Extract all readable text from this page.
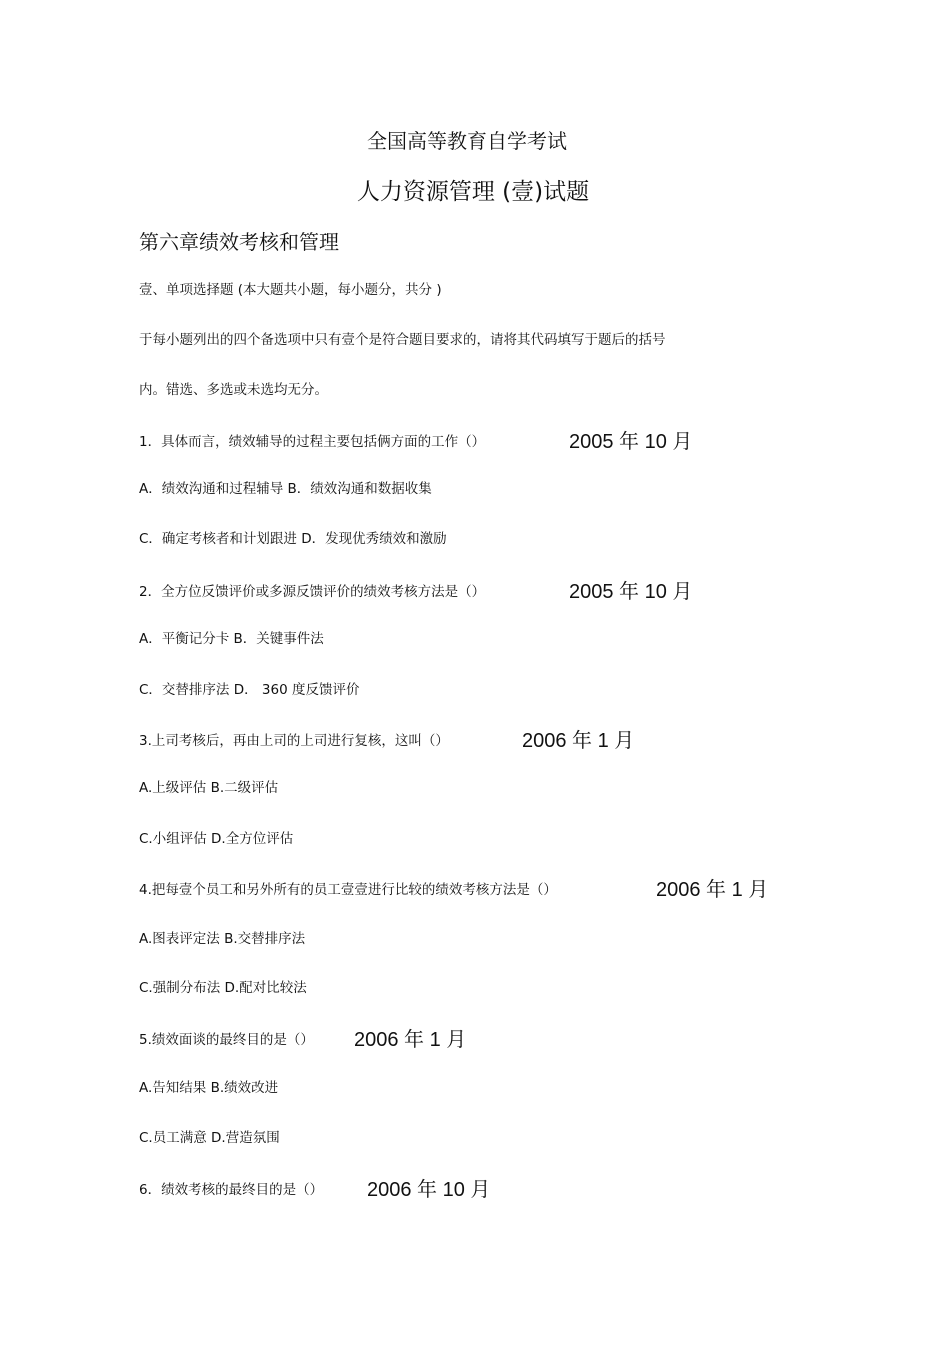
全国高等教育自学考试
人力资源管理 (壹)试题
第六章绩效考核和管理
壹、单项选择题 (本大题共小题，每小题分，共分 )
于每小题列出的四个备选项中只有壹个是符合题目要求的，请将其代码填写于题后的括号
内。错选、多选或未选均无分。
1．具体而言，绩效辅导的过程主要包括俩方面的工作（）	2005 年 10 月
A．绩效沟通和过程辅导 B．绩效沟通和数据收集
C．确定考核者和计划跟进 D．发现优秀绩效和激励
2．全方位反馈评价或多源反馈评价的绩效考核方法是（）	2005 年 10 月
A．平衡记分卡 B．关键事件法
C．交替排序法 D． 360 度反馈评价
3.上司考核后，再由上司的上司进行复核，这叫（）	2006 年 1 月
A.上级评估 B.二级评估
C.小组评估 D.全方位评估
4.把每壹个员工和另外所有的员工壹壹进行比较的绩效考核方法是（）	2006 年 1 月
A.图表评定法 B.交替排序法
C.强制分布法 D.配对比较法
5.绩效面谈的最终目的是（） 2006 年 1 月
A.告知结果 B.绩效改进
C.员工满意 D.营造氛围
6．绩效考核的最终目的是（） 2006 年 10 月
